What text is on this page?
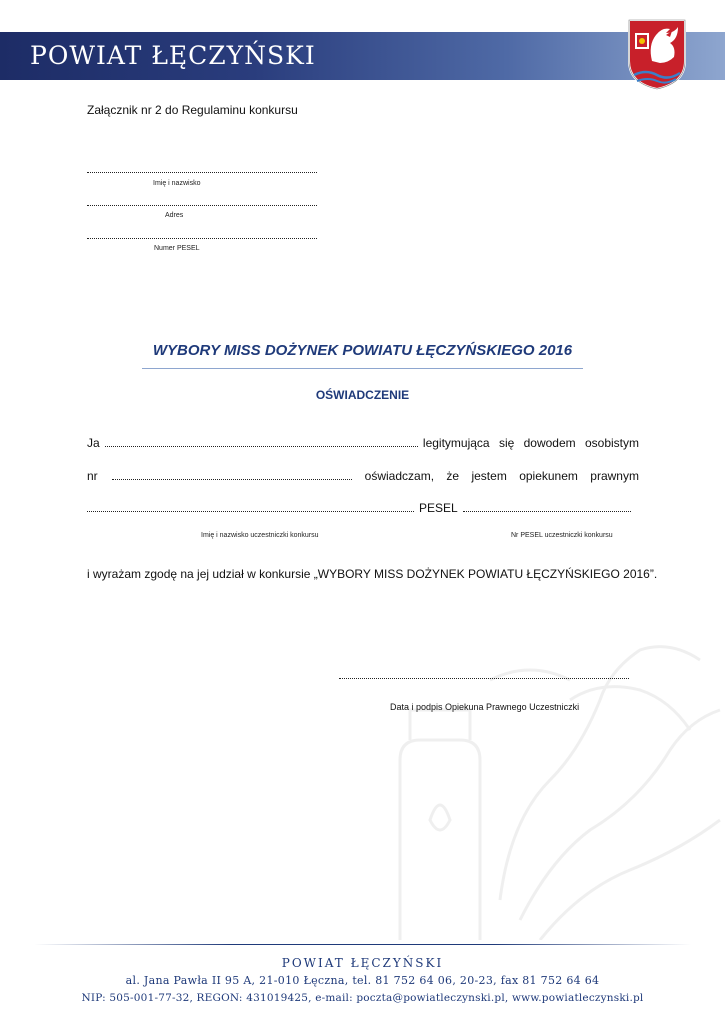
POWIAT ŁĘCZYŃSKI
Załącznik nr 2 do Regulaminu konkursu
Imię i nazwisko
Adres
Numer PESEL
WYBORY MISS DOŻYNEK POWIATU ŁĘCZYŃSKIEGO 2016
OŚWIADCZENIE
Ja	legitymująca się dowodem osobistym
nr	oświadczam, że jestem opiekunem prawnym
PESEL
Imię i nazwisko uczestniczki konkursu	Nr PESEL uczestniczki konkursu
i wyrażam zgodę na jej udział w konkursie „WYBORY MISS DOŻYNEK POWIATU ŁĘCZYŃSKIEGO 2016”.
Data i podpis Opiekuna Prawnego Uczestniczki
POWIAT ŁĘCZYŃSKI
al. Jana Pawła II 95 A, 21-010 Łęczna, tel. 81 752 64 06, 20-23, fax 81 752 64 64
NIP: 505-001-77-32, REGON: 431019425, e-mail: poczta@powiatleczynski.pl, www.powiatleczynski.pl
